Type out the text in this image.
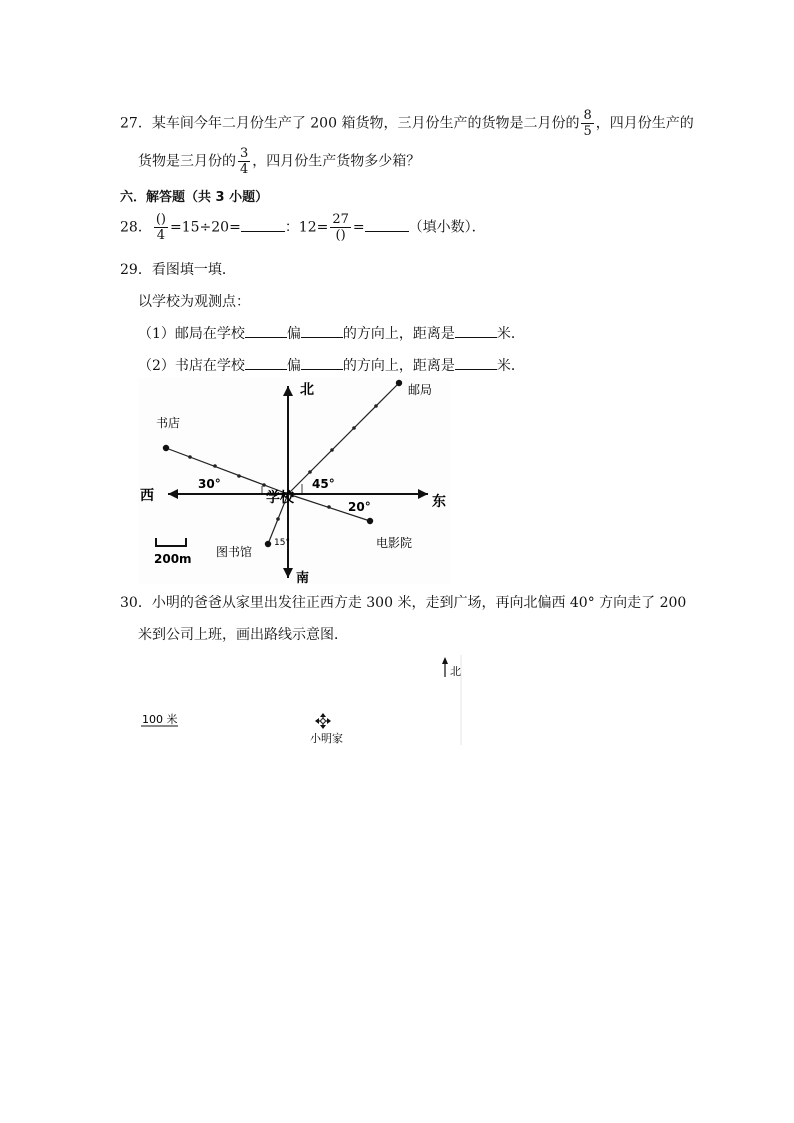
27．某车间今年二月份生产了 200 箱货物，三月份生产的货物是二月份的 $\frac{8}{5}$ ，四月份生产的
货物是三月份的 $\frac{3}{4}$ ，四月份生产货物多少箱？
六．解答题（共 3 小题）
28． $\frac{()}{4} =15\div 20=$	：$12= \frac{27}{()}$ =	（填小数）．
29．看图填一填．
以学校为观测点：
（1）邮局在学校	偏	的方向上，距离是	米．
（2）书店在学校	偏	的方向上，距离是	米．
北
南
西	东
学校
邮局
书店
图书馆
电影院
30°	45°
20°
15°
200m
30．小明的爸爸从家里出发往正西方走 300 米，走到广场，再向北偏西 40° 方向走了 200
米到公司上班，画出路线示意图．
北
100 米
小明家
